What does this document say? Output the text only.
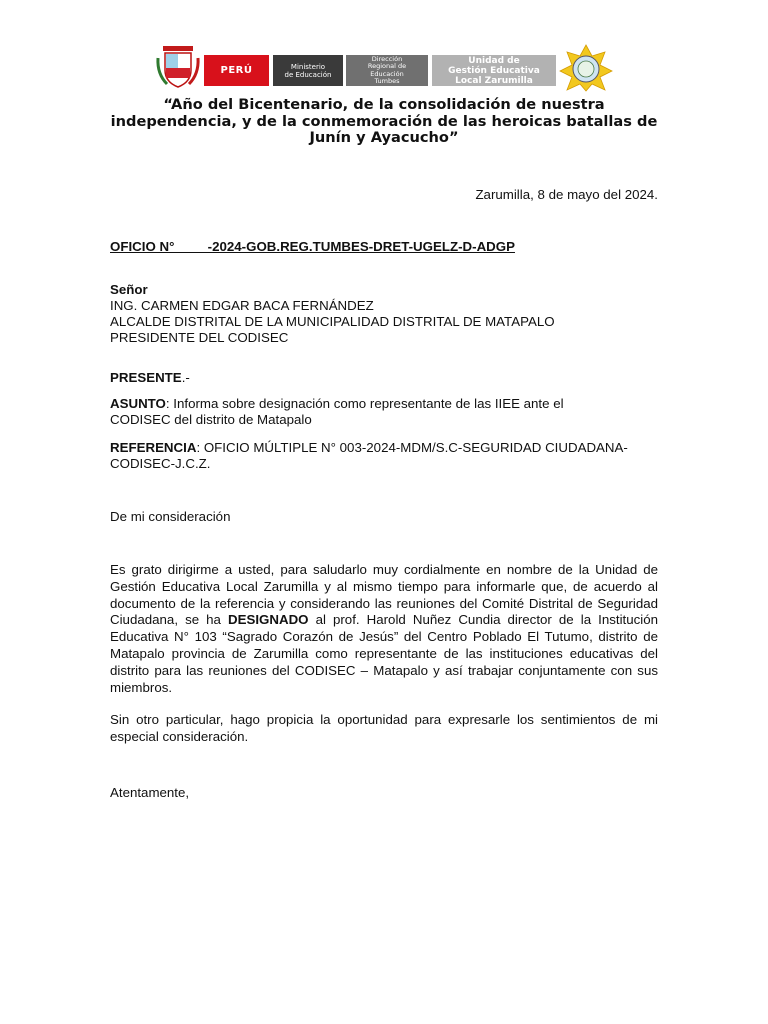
PERÚ	Ministerio
de Educación
Dirección
Regional de
Educación
Tumbes
Unidad de
Gestión Educativa
Local Zarumilla
“Año del Bicentenario, de la consolidación de nuestra
independencia, y de la conmemoración de las heroicas batallas de
Junín y Ayacucho”
Zarumilla, 8 de mayo del 2024.
OFICIO N°         -2024-GOB.REG.TUMBES-DRET-UGELZ-D-ADGP
Señor
ING. CARMEN EDGAR BACA FERNÁNDEZ
ALCALDE DISTRITAL DE LA MUNICIPALIDAD DISTRITAL DE MATAPALO
PRESIDENTE DEL CODISEC
PRESENTE.-
ASUNTO: Informa sobre designación como representante de las IIEE ante el CODISEC del distrito de Matapalo
REFERENCIA: OFICIO MÚLTIPLE N° 003-2024-MDM/S.C-SEGURIDAD CIUDADANA-CODISEC-J.C.Z.
De mi consideración
Es grato dirigirme a usted, para saludarlo muy cordialmente en nombre de la Unidad de Gestión Educativa Local Zarumilla y al mismo tiempo para informarle que, de acuerdo al documento de la referencia y considerando las reuniones del Comité Distrital de Seguridad Ciudadana, se ha DESIGNADO al prof. Harold Nuñez Cundia director de la Institución Educativa N° 103 “Sagrado Corazón de Jesús” del Centro Poblado El Tutumo, distrito de Matapalo provincia de Zarumilla como representante de las instituciones educativas del distrito para las reuniones del CODISEC – Matapalo y así trabajar conjuntamente con sus miembros.
Sin otro particular, hago propicia la oportunidad para expresarle los sentimientos de mi especial consideración.
Atentamente,
